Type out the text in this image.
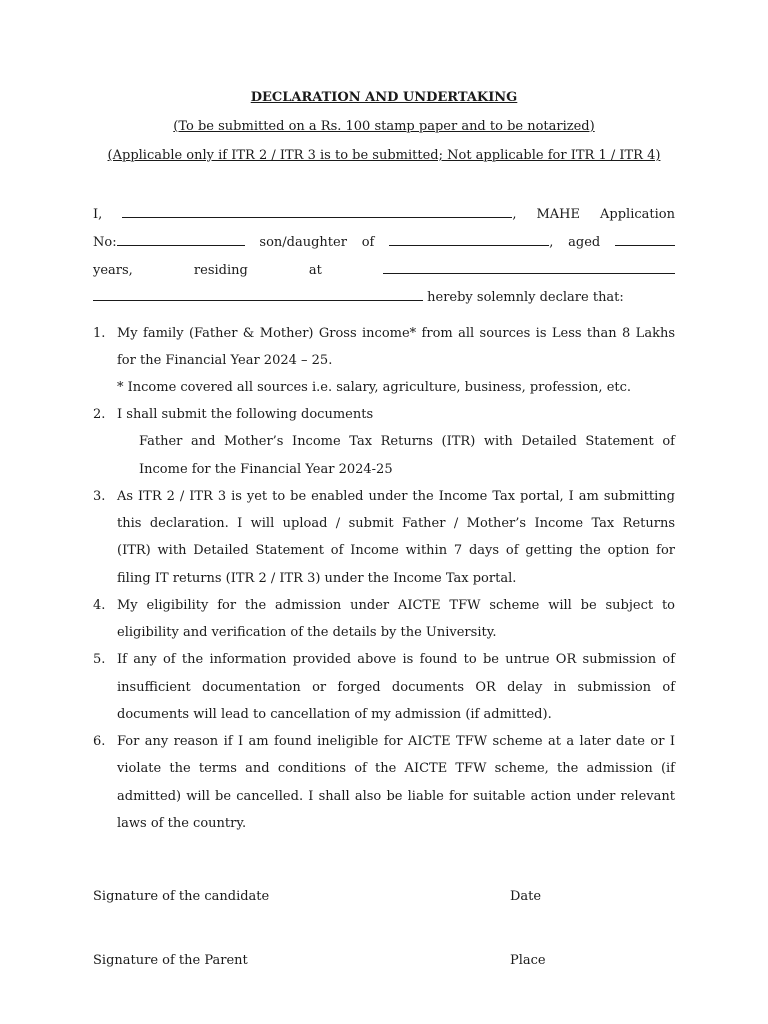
DECLARATION AND UNDERTAKING
(To be submitted on a Rs. 100 stamp paper and to be notarized)
(Applicable only if ITR 2 / ITR 3 is to be submitted; Not applicable for ITR 1 / ITR 4)
I,	, MAHE Application
No:	son/daughter of	, aged
years,	residing	at
hereby solemnly declare that:
1. My family (Father & Mother) Gross income* from all sources is Less than 8 Lakhs
for the Financial Year 2024 – 25.
* Income covered all sources i.e. salary, agriculture, business, profession, etc.
2. I shall submit the following documents
Father and Mother’s Income Tax Returns (ITR) with Detailed Statement of
Income for the Financial Year 2024-25
3. As ITR 2 / ITR 3 is yet to be enabled under the Income Tax portal, I am submitting
this declaration. I will upload / submit Father / Mother’s Income Tax Returns
(ITR) with Detailed Statement of Income within 7 days of getting the option for
filing IT returns (ITR 2 / ITR 3) under the Income Tax portal.
4. My eligibility for the admission under AICTE TFW scheme will be subject to
eligibility and verification of the details by the University.
5. If any of the information provided above is found to be untrue OR submission of
insufficient documentation or forged documents OR delay in submission of
documents will lead to cancellation of my admission (if admitted).
6. For any reason if I am found ineligible for AICTE TFW scheme at a later date or I
violate the terms and conditions of the AICTE TFW scheme, the admission (if
admitted) will be cancelled. I shall also be liable for suitable action under relevant
laws of the country.
Signature of the candidate	Date
Signature of the Parent	Place
